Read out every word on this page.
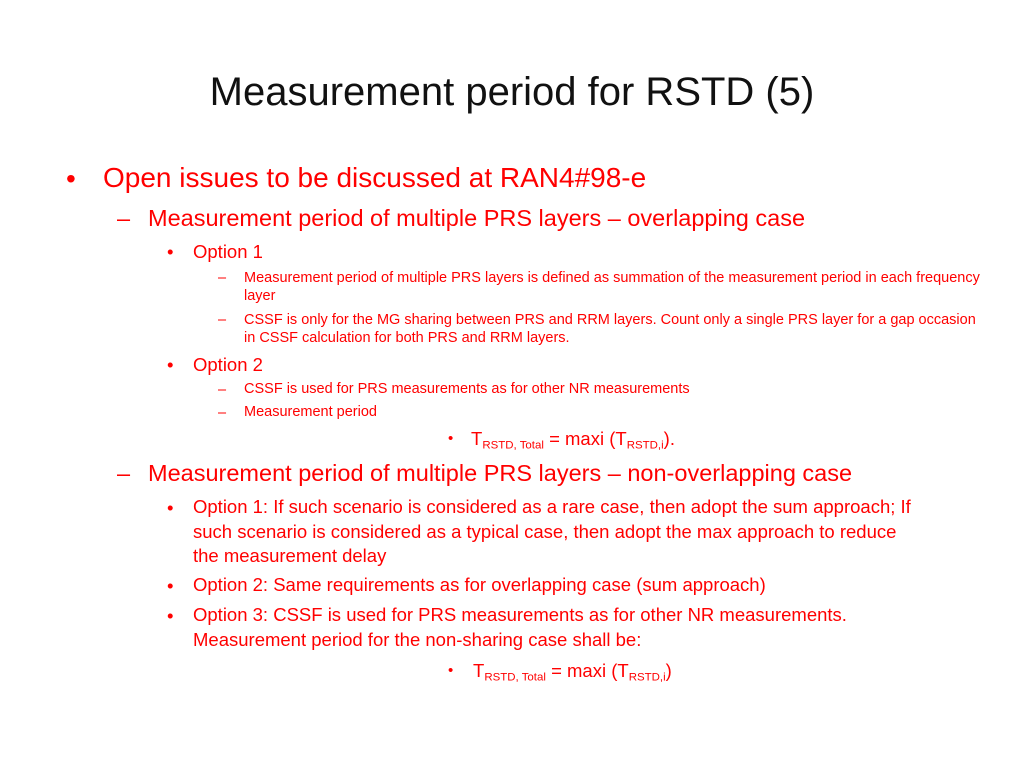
Measurement period for RSTD (5)
• Open issues to be discussed at RAN4#98-e
– Measurement period of multiple PRS layers – overlapping case
• Option 1
– Measurement period of multiple PRS layers is defined as summation of the measurement period in each frequency layer
– CSSF is only for the MG sharing between PRS and RRM layers. Count only a single PRS layer for a gap occasion in CSSF calculation for both PRS and RRM layers.
• Option 2
– CSSF is used for PRS measurements as for other NR measurements
– Measurement period
• $T_{RSTD, Total} = \max i$ $(T_{RSTD,i})$.
– Measurement period of multiple PRS layers – non-overlapping case
• Option 1: If such scenario is considered as a rare case, then adopt the sum approach; If such scenario is considered as a typical case, then adopt the max approach to reduce the measurement delay
• Option 2: Same requirements as for overlapping case (sum approach)
• Option 3: CSSF is used for PRS measurements as for other NR measurements. Measurement period for the non-sharing case shall be:
• $T_{RSTD, Total} = \max i$ $(T_{RSTD,i})$
